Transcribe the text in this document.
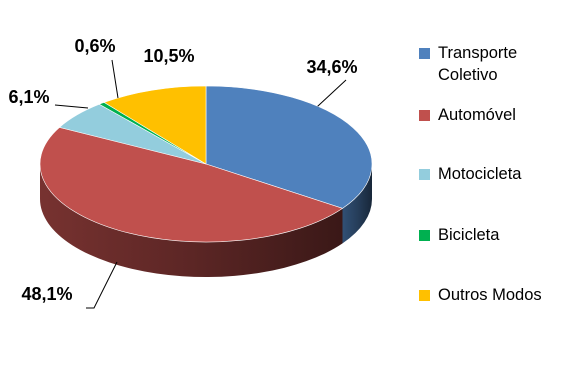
34,6%
48,1%
6,1%
0,6% 10,5%	Transporte Coletivo
Automóvel
Motocicleta
Bicicleta
Outros Modos
